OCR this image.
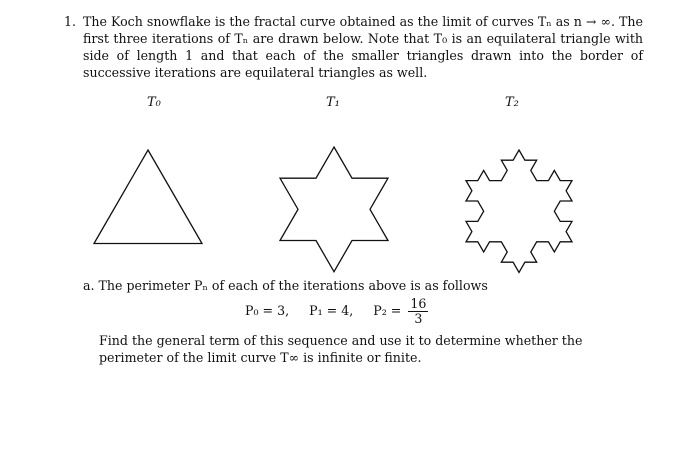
1. The Koch snowflake is the fractal curve obtained as the limit of curves Tₙ as n → ∞. The first three iterations of Tₙ are drawn below. Note that T₀ is an equilateral triangle with side of length 1 and that each of the smaller triangles drawn into the border of successive iterations are equilateral triangles as well.
T₀	T₁	T₂
a. The perimeter Pₙ of each of the iterations above is as follows
P₀ = 3, P₁ = 4, $P_2 = \frac{16}{3}$
Find the general term of this sequence and use it to determine whether the perimeter of the limit curve T∞ is infinite or finite.
